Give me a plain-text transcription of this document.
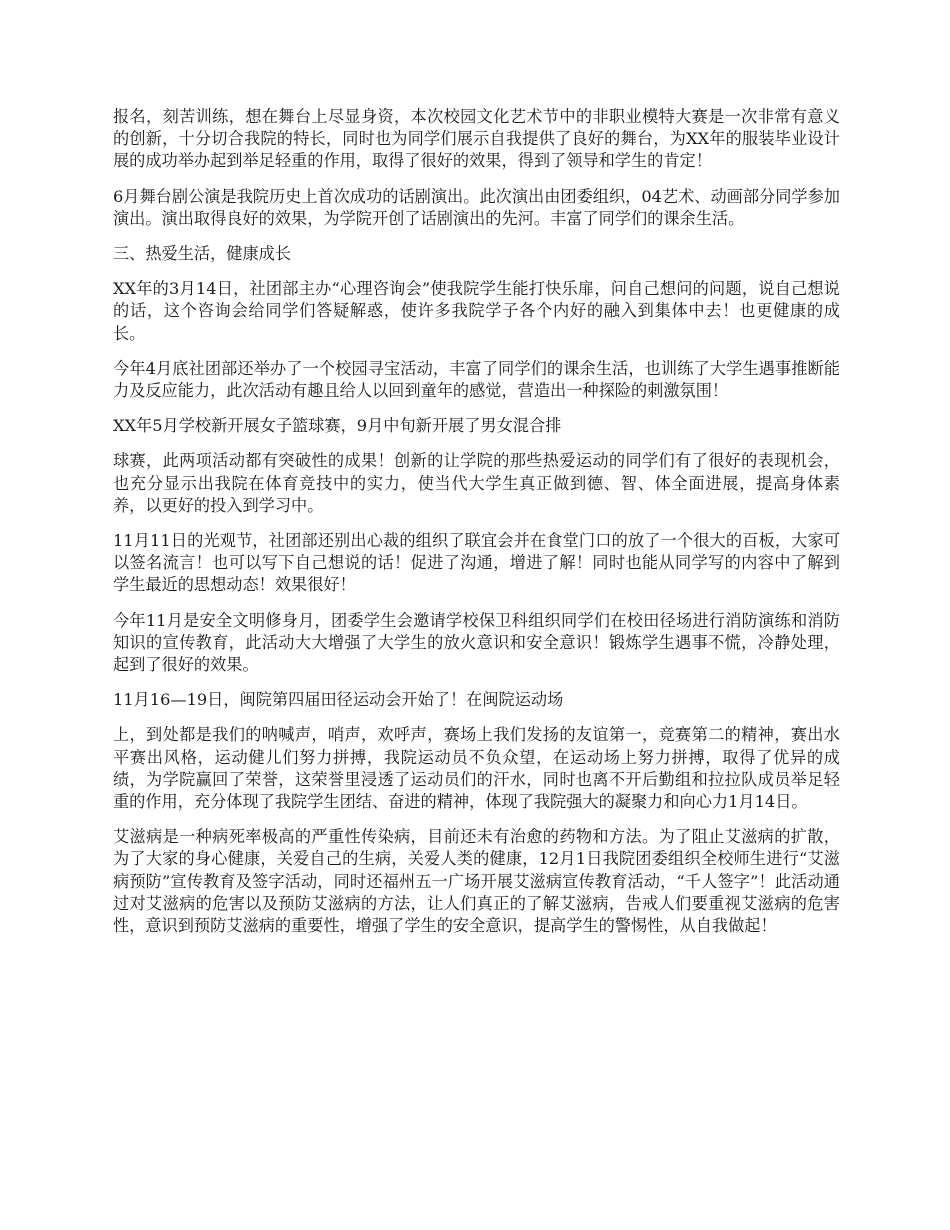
报名，刻苦训练，想在舞台上尽显身资，本次校园文化艺术节中的非职业模特大赛是一次非常有意义的创新，十分切合我院的特长，同时也为同学们展示自我提供了良好的舞台，为XX年的服装毕业设计展的成功举办起到举足轻重的作用，取得了很好的效果，得到了领导和学生的肯定！

6月舞台剧公演是我院历史上首次成功的话剧演出。此次演出由团委组织，04艺术、动画部分同学参加演出。演出取得良好的效果，为学院开创了话剧演出的先河。丰富了同学们的课余生活。

三、热爱生活，健康成长

XX年的3月14日，社团部主办“心理咨询会”使我院学生能打快乐扉，问自己想问的问题，说自己想说的话，这个咨询会给同学们答疑解惑，使许多我院学子各个内好的融入到集体中去！也更健康的成长。

今年4月底社团部还举办了一个校园寻宝活动，丰富了同学们的课余生活，也训练了大学生遇事推断能力及反应能力，此次活动有趣且给人以回到童年的感觉，营造出一种探险的刺激氛围！

XX年5月学校新开展女子篮球赛，9月中旬新开展了男女混合排

球赛，此两项活动都有突破性的成果！创新的让学院的那些热爱运动的同学们有了很好的表现机会，也充分显示出我院在体育竞技中的实力，使当代大学生真正做到德、智、体全面进展，提高身体素养，以更好的投入到学习中。

11月11日的光观节，社团部还别出心裁的组织了联宜会并在食堂门口的放了一个很大的百板，大家可以签名流言！也可以写下自己想说的话！促进了沟通，增进了解！同时也能从同学写的内容中了解到学生最近的思想动态！效果很好！

今年11月是安全文明修身月，团委学生会邀请学校保卫科组织同学们在校田径场进行消防演练和消防知识的宣传教育，此活动大大增强了大学生的放火意识和安全意识！锻炼学生遇事不慌，冷静处理，起到了很好的效果。

11月16—19日，闽院第四届田径运动会开始了！在闽院运动场

上，到处都是我们的呐喊声，哨声，欢呼声，赛场上我们发扬的友谊第一，竞赛第二的精神，赛出水平赛出风格，运动健儿们努力拼搏，我院运动员不负众望，在运动场上努力拼搏，取得了优异的成绩，为学院赢回了荣誉，这荣誉里浸透了运动员们的汗水，同时也离不开后勤组和拉拉队成员举足轻重的作用，充分体现了我院学生团结、奋进的精神，体现了我院强大的凝聚力和向心力1月14日。

艾滋病是一种病死率极高的严重性传染病，目前还未有治愈的药物和方法。为了阻止艾滋病的扩散，为了大家的身心健康，关爱自己的生病，关爱人类的健康，12月1日我院团委组织全校师生进行“艾滋病预防”宣传教育及签字活动，同时还福州五一广场开展艾滋病宣传教育活动，“千人签字”！此活动通过对艾滋病的危害以及预防艾滋病的方法，让人们真正的了解艾滋病，告戒人们要重视艾滋病的危害性，意识到预防艾滋病的重要性，增强了学生的安全意识，提高学生的警惕性，从自我做起！
